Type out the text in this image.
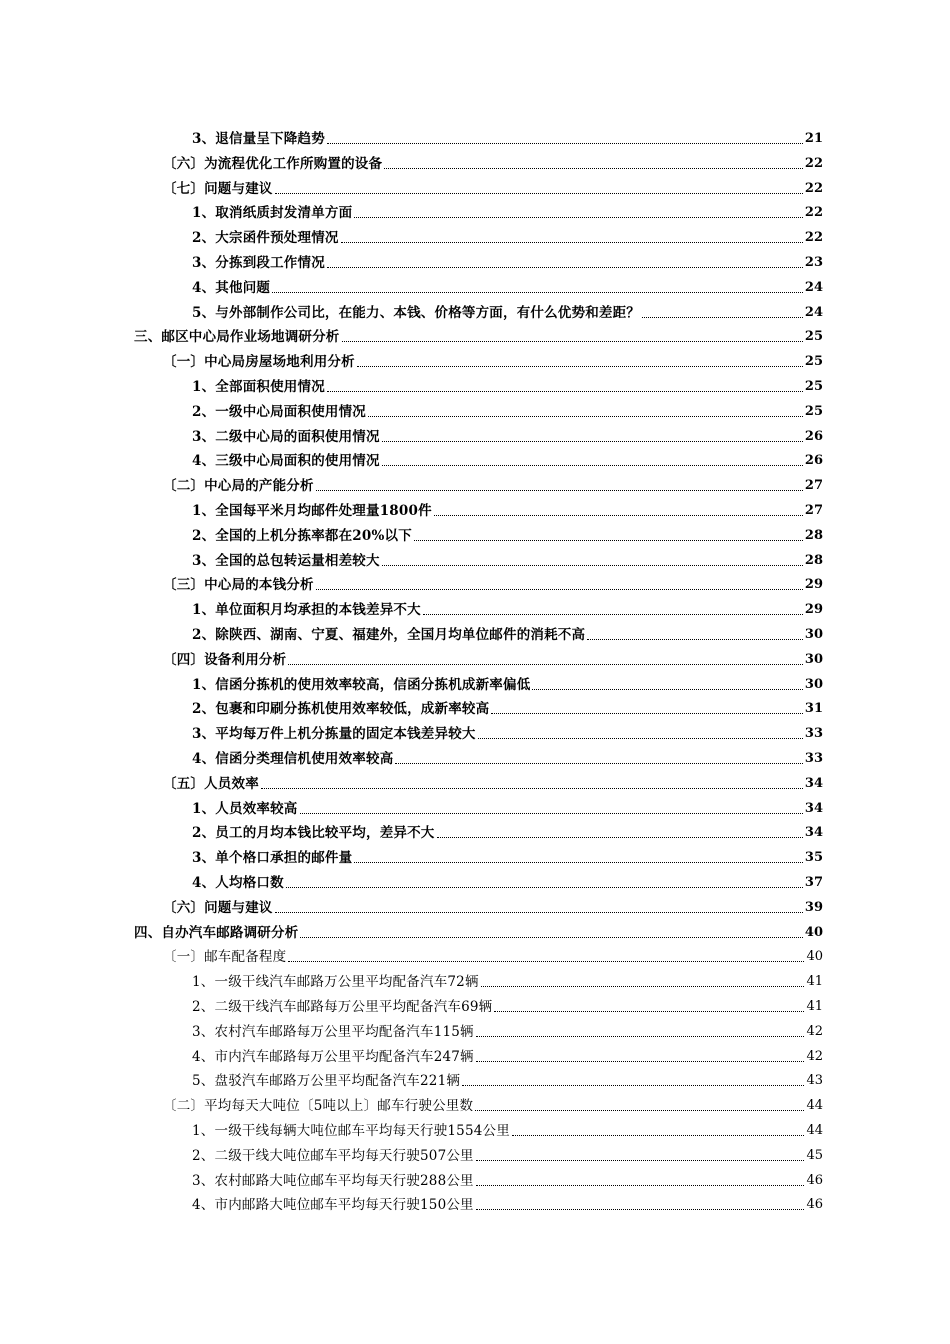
3、退信量呈下降趋势	21
〔六〕为流程优化工作所购置的设备	22
〔七〕问题与建议	22
1、取消纸质封发清单方面	22
2、大宗函件预处理情况	22
3、分拣到段工作情况	23
4、其他问题	24
5、与外部制作公司比，在能力、本钱、价格等方面，有什么优势和差距？	24
三、邮区中心局作业场地调研分析	25
〔一〕中心局房屋场地利用分析	25
1、全部面积使用情况	25
2、一级中心局面积使用情况	25
3、二级中心局的面积使用情况	26
4、三级中心局面积的使用情况	26
〔二〕中心局的产能分析	27
1、全国每平米月均邮件处理量1800件	27
2、全国的上机分拣率都在20%以下	28
3、全国的总包转运量相差较大	28
〔三〕中心局的本钱分析	29
1、单位面积月均承担的本钱差异不大	29
2、除陕西、湖南、宁夏、福建外，全国月均单位邮件的消耗不高	30
〔四〕设备利用分析	30
1、信函分拣机的使用效率较高，信函分拣机成新率偏低	30
2、包裹和印刷分拣机使用效率较低，成新率较高	31
3、平均每万件上机分拣量的固定本钱差异较大	33
4、信函分类理信机使用效率较高	33
〔五〕人员效率	34
1、人员效率较高	34
2、员工的月均本钱比较平均，差异不大	34
3、单个格口承担的邮件量	35
4、人均格口数	37
〔六〕问题与建议	39
四、自办汽车邮路调研分析	40
〔一〕邮车配备程度	40
1、一级干线汽车邮路万公里平均配备汽车72辆	41
2、二级干线汽车邮路每万公里平均配备汽车69辆	41
3、农村汽车邮路每万公里平均配备汽车115辆	42
4、市内汽车邮路每万公里平均配备汽车247辆	42
5、盘驳汽车邮路万公里平均配备汽车221辆	43
〔二〕平均每天大吨位〔5吨以上〕邮车行驶公里数	44
1、一级干线每辆大吨位邮车平均每天行驶1554公里	44
2、二级干线大吨位邮车平均每天行驶507公里	45
3、农村邮路大吨位邮车平均每天行驶288公里	46
4、市内邮路大吨位邮车平均每天行驶150公里	46
